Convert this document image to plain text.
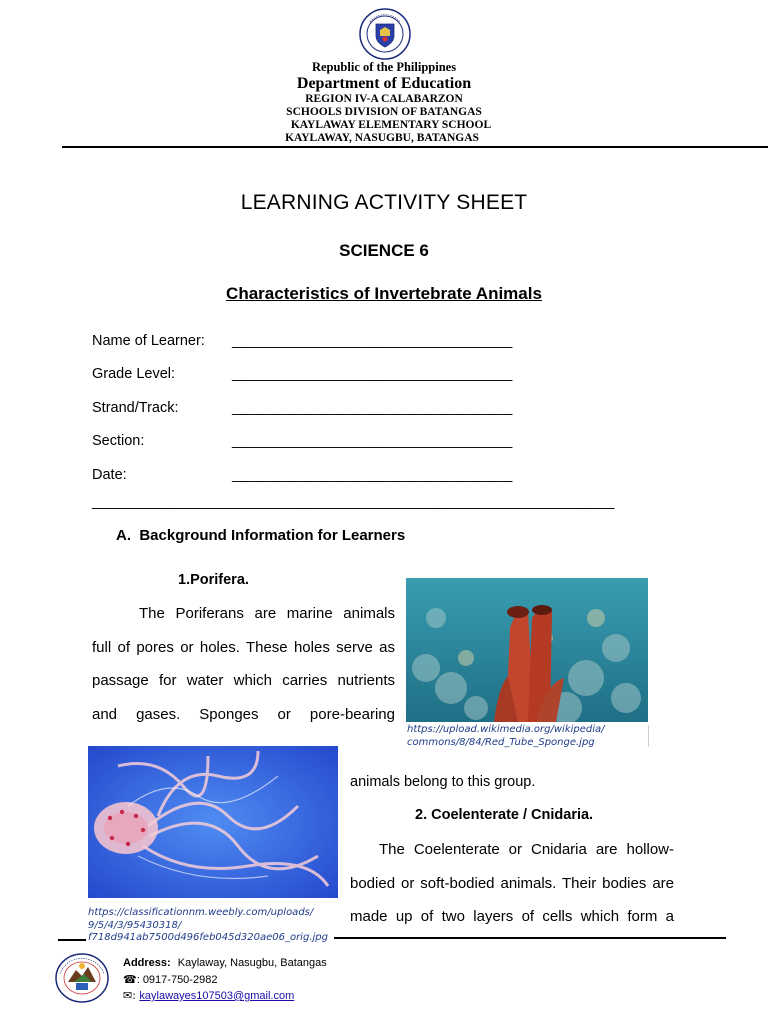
Republic of the Philippines
Department of Education
REGION IV-A CALABARZON
SCHOOLS DIVISION OF BATANGAS
KAYLAWAY ELEMENTARY SCHOOL
KAYLAWAY, NASUGBU, BATANGAS
LEARNING ACTIVITY SHEET
SCIENCE 6
Characteristics of Invertebrate Animals
Name of Learner:	_____________________________________
Grade Level:	_____________________________________
Strand/Track:	_____________________________________
Section:	_____________________________________
Date:	_____________________________________
_____________________________________________________________________
A.  Background Information for Learners
1.Porifera.
The Poriferans are marine animals
full of pores or holes. These holes serve as
passage for water which carries nutrients
and gases. Sponges or pore-bearing
https://upload.wikimedia.org/wikipedia/
commons/8/84/Red_Tube_Sponge.jpg
https://classificationnm.weebly.com/uploads/
9/5/4/3/95430318/
f718d941ab7500d496feb045d320ae06_orig.jpg
animals belong to this group.
2. Coelenterate / Cnidaria.
The Coelenterate or Cnidaria are hollow-
bodied or soft-bodied animals. Their bodies are
made up of two layers of cells which form a
Address: Kaylaway, Nasugbu, Batangas
☎: 0917-750-2982
✉: kaylawayes107503@gmail.com
